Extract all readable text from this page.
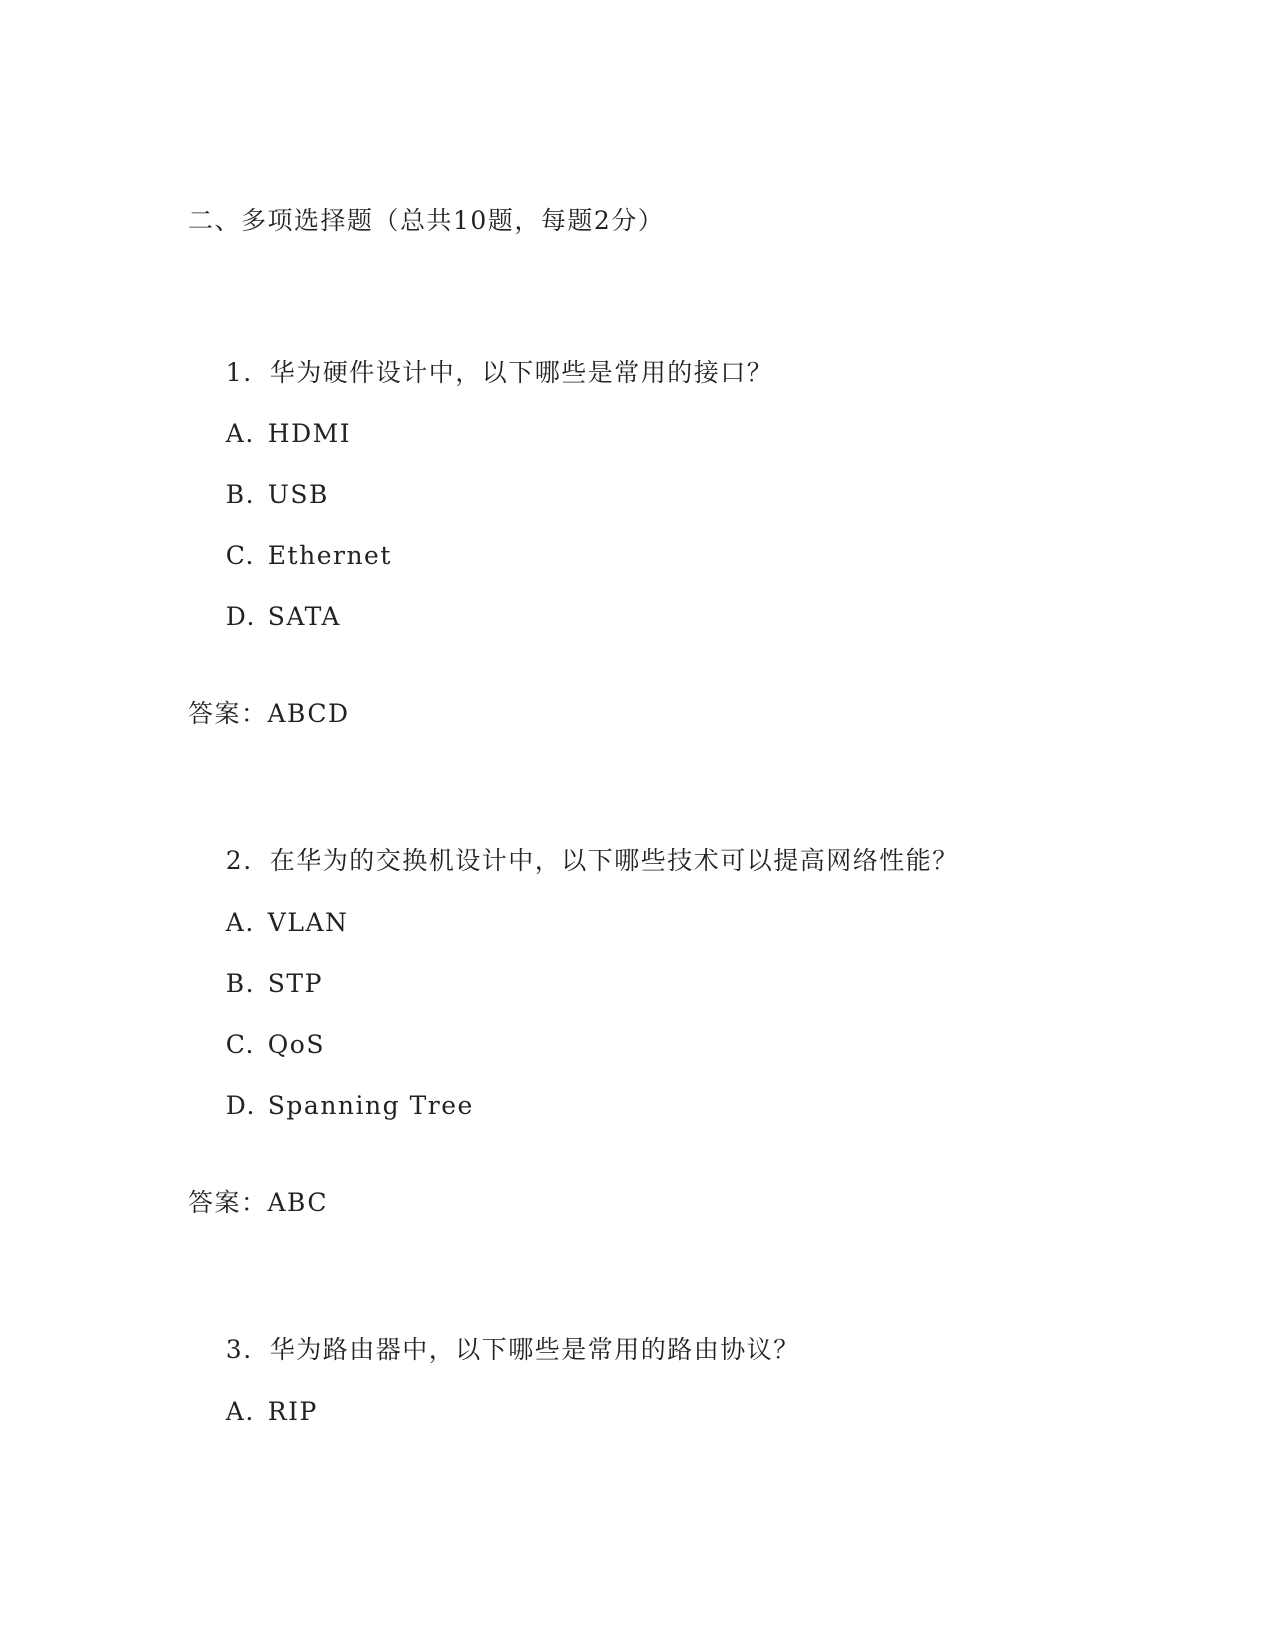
二、多项选择题（总共10题，每题2分）

1. 华为硬件设计中，以下哪些是常用的接口？

A. HDMI

B. USB

C. Ethernet

D. SATA

答案：ABCD

2. 在华为的交换机设计中，以下哪些技术可以提高网络性能？

A. VLAN

B. STP

C. QoS

D. Spanning Tree

答案：ABC

3. 华为路由器中，以下哪些是常用的路由协议？

A. RIP
